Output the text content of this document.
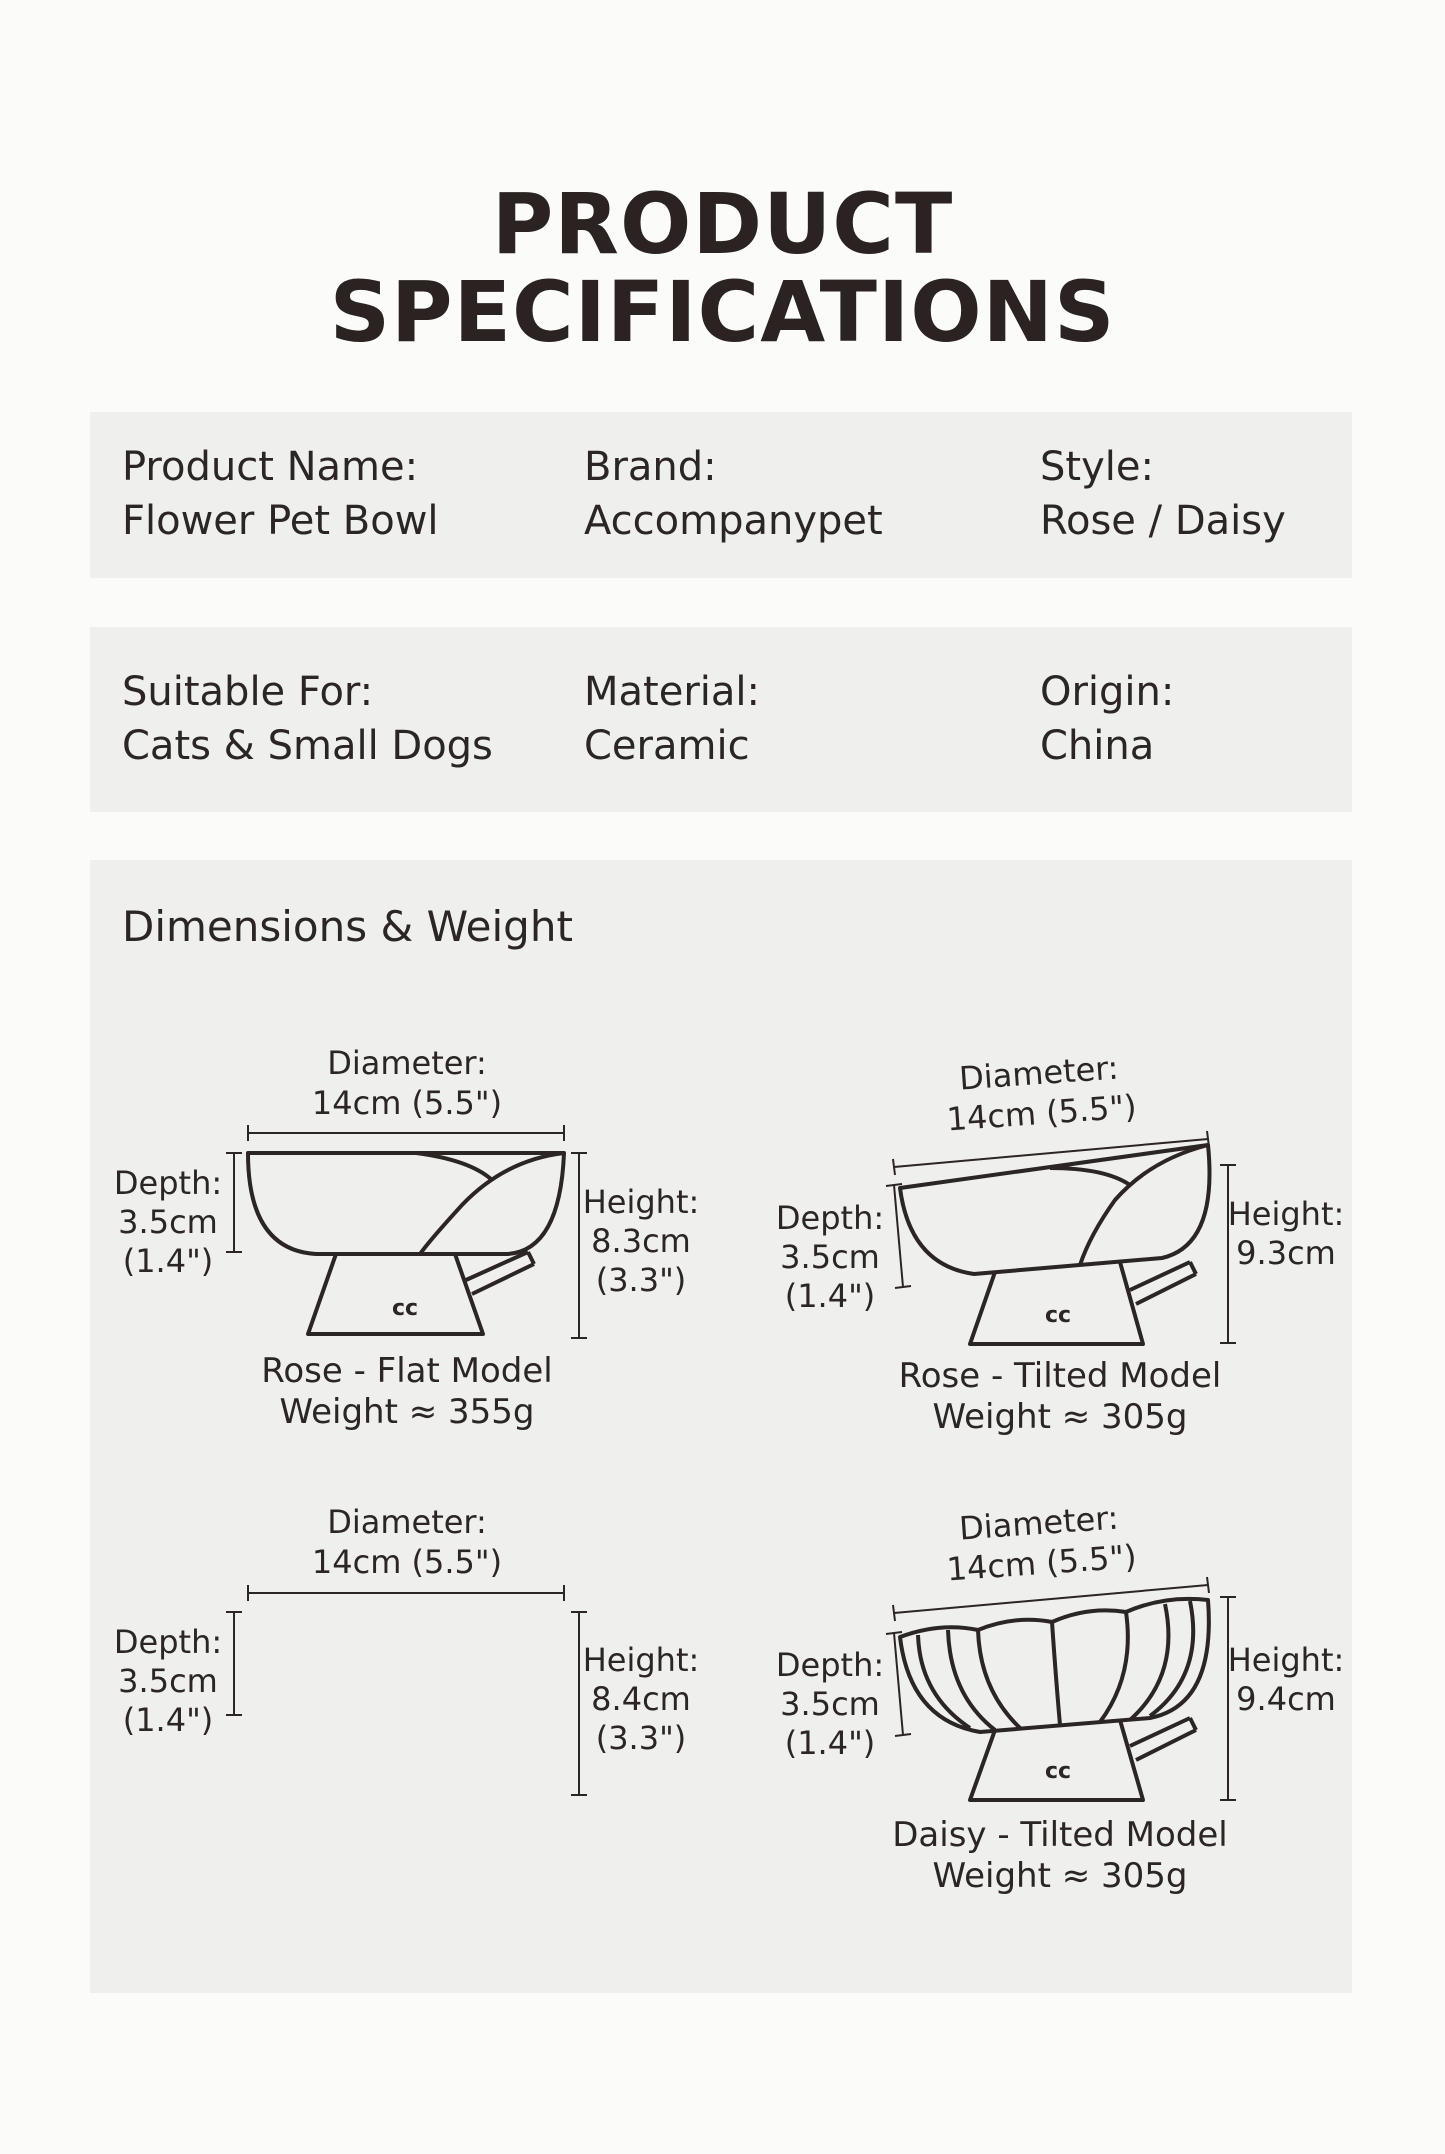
PRODUCT
SPECIFICATIONS
Product Name:
Flower Pet Bowl
Brand:
Accompanypet
Style:
Rose / Daisy
Suitable For:
Cats & Small Dogs
Material:
Ceramic
Origin:
China
Dimensions & Weight
Diameter:
14cm (5.5")
Depth:
3.5cm
(1.4")
Height:
8.3cm
(3.3")
cc
Rose - Flat Model
Weight ≈ 355g
Diameter:
14cm (5.5")
Depth:
3.5cm
(1.4")
Height:
9.3cm
cc
Rose - Tilted Model
Weight ≈ 305g
Diameter:
14cm (5.5")
Depth:
3.5cm
(1.4")
Height:
8.4cm
(3.3")
Diameter:
14cm (5.5")
Depth:
3.5cm
(1.4")
Height:
9.4cm
cc
Daisy - Tilted Model
Weight ≈ 305g
